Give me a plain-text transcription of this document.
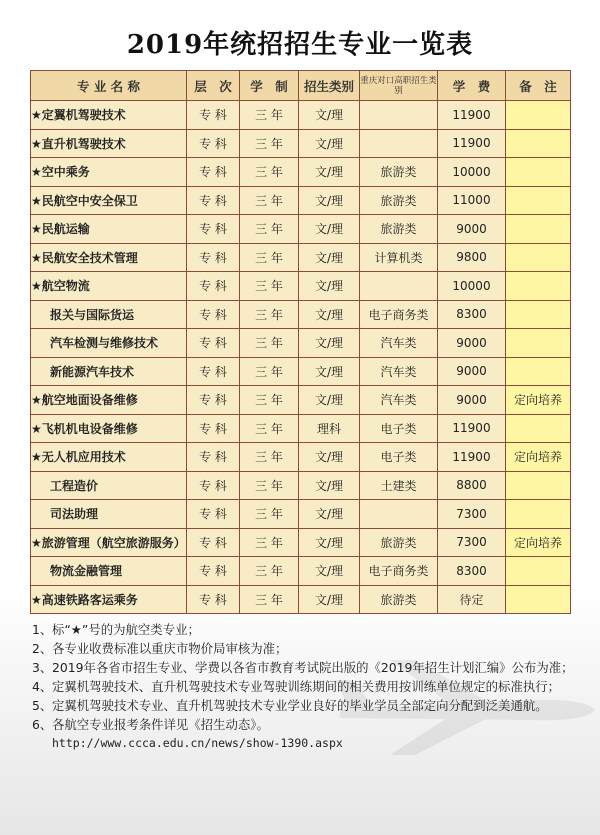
2019年统招招生专业一览表
专 业 名 称	层　次	学　制	招生类别	重庆对口高职招生类别	学　费	备　注
★定翼机驾驶技术	专 科	三 年	文/理		11900	
★直升机驾驶技术	专 科	三 年	文/理		11900	
★空中乘务	专 科	三 年	文/理	旅游类	10000	
★民航空中安全保卫	专 科	三 年	文/理	旅游类	11000	
★民航运输	专 科	三 年	文/理	旅游类	9000	
★民航安全技术管理	专 科	三 年	文/理	计算机类	9800	
★航空物流	专 科	三 年	文/理		10000	
报关与国际货运	专 科	三 年	文/理	电子商务类	8300	
汽车检测与维修技术	专 科	三 年	文/理	汽车类	9000	
新能源汽车技术	专 科	三 年	文/理	汽车类	9000	
★航空地面设备维修	专 科	三 年	文/理	汽车类	9000	定向培养
★飞机机电设备维修	专 科	三 年	理科	电子类	11900	
★无人机应用技术	专 科	三 年	文/理	电子类	11900	定向培养
工程造价	专 科	三 年	文/理	土建类	8800	
司法助理	专 科	三 年	文/理		7300	
★旅游管理（航空旅游服务）	专 科	三 年	文/理	旅游类	7300	定向培养
物流金融管理	专 科	三 年	文/理	电子商务类	8300	
★高速铁路客运乘务	专 科	三 年	文/理	旅游类	待定	
1、 标“★”号的为航空类专业；
2、 各专业收费标准以重庆市物价局审核为准；
3、 2019年各省市招生专业、学费以各省市教育考试院出版的《2019年招生计划汇编》公布为准；
4、 定翼机驾驶技术、直升机驾驶技术专业驾驶训练期间的相关费用按训练单位规定的标准执行；
5、 定翼机驾驶技术专业、直升机驾驶技术专业学业良好的毕业学员全部定向分配到泛美通航。
6、 各航空专业报考条件详见《招生动态》。
http://www.ccca.edu.cn/news/show-1390.aspx
